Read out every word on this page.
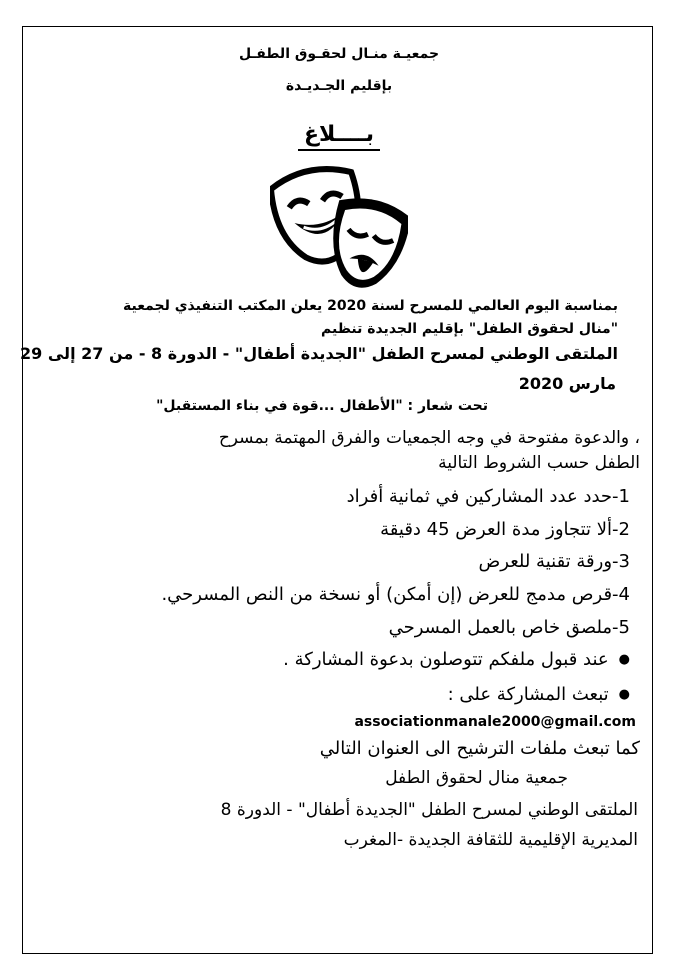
جمعيـة منـال لحقـوق الطفـل
بإقليم الجـديـدة
بــــلاغ
بمناسبة اليوم العالمي للمسرح لسنة 2020 يعلن المكتب التنفيذي لجمعية
"منال لحقوق الطفل" بإقليم الجديدة تنظيم
الملتقى الوطني لمسرح الطفل "الجديدة أطفال" - الدورة 8 - من 27 إلى 29
مارس 2020
تحت شعار : "الأطفال ...قوة في بناء المستقبل"
، والدعوة مفتوحة في وجه الجمعيات والفرق المهتمة بمسرح
الطفل حسب الشروط التالية
1-حدد عدد المشاركين في ثمانية أفراد
2-ألا تتجاوز مدة العرض 45 دقيقة
3-ورقة تقنية للعرض
4-قرص مدمج للعرض (إن أمكن) أو نسخة من النص المسرحي.
5-ملصق خاص بالعمل المسرحي
● عند قبول ملفكم تتوصلون بدعوة المشاركة .
● تبعث المشاركة على :
associationmanale2000@gmail.com
كما تبعث ملفات الترشيح الى العنوان التالي
جمعية منال لحقوق الطفل
الملتقى الوطني لمسرح الطفل "الجديدة أطفال" - الدورة 8
المديرية الإقليمية للثقافة الجديدة -المغرب
